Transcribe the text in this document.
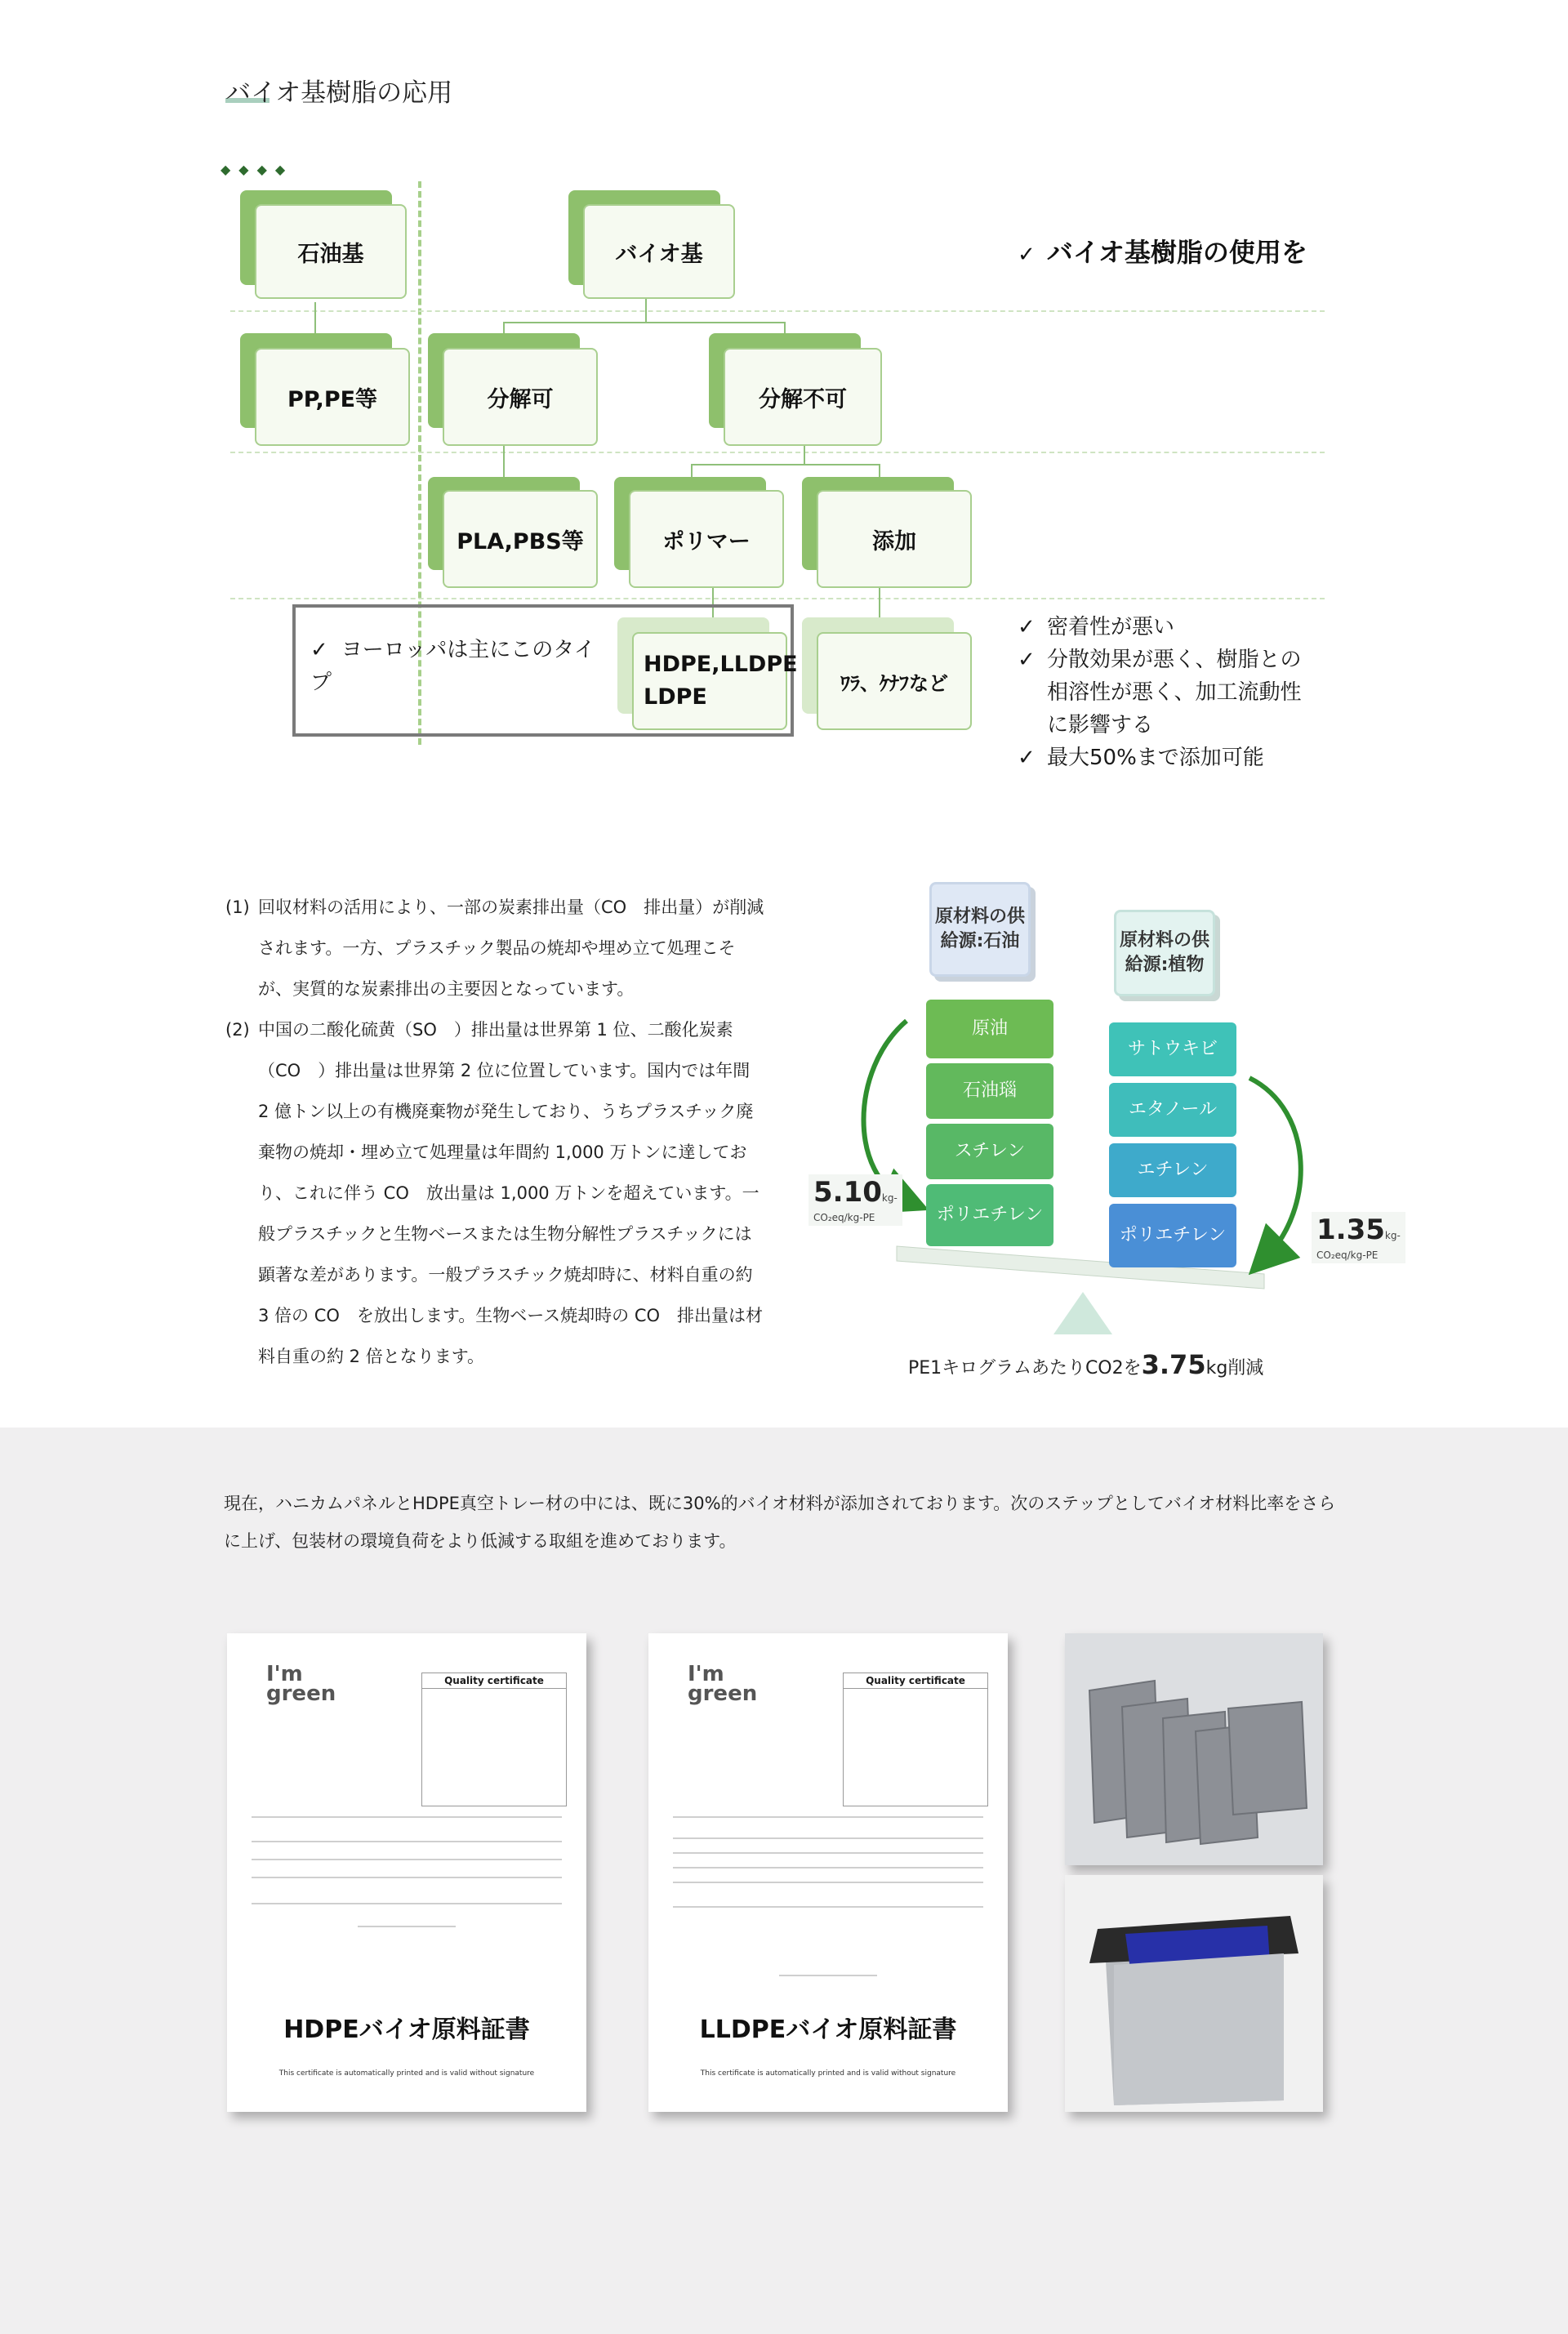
バイオ基樹脂の応用
◆◆◆◆
石油基	バイオ基
PP,PE等	分解可	分解不可
PLA,PBS等	ポリマー	添加
✓ ヨーロッパは主にこのタイプ
HDPE,LLDPE
LDPE
ﾜﾗ、ｹﾅﾌなど
✓ バイオ基樹脂の使用を
✓ 密着性が悪い
✓ 分散効果が悪く、樹脂との相溶性が悪く、加工流動性に影響する
✓ 最大50%まで添加可能
(1) 回収材料の活用により、一部の炭素排出量（CO　排出量）が削減されます。一方、プラスチック製品の焼却や埋め立て処理こそが、実質的な炭素排出の主要因となっています。
(2) 中国の二酸化硫黄（SO　）排出量は世界第 1 位、二酸化炭素（CO　）排出量は世界第 2 位に位置しています。国内では年間 2 億トン以上の有機廃棄物が発生しており、うちプラスチック廃棄物の焼却・埋め立て処理量は年間約 1,000 万トンに達しており、これに伴う CO　放出量は 1,000 万トンを超えています。一般プラスチックと生物ベースまたは生物分解性プラスチックには顕著な差があります。一般プラスチック焼却時に、材料自重の約 3 倍の CO　を放出します。生物ベース焼却時の CO　排出量は材料自重の約 2 倍となります。
原材料の供給源:石油	原材料の供給源:植物
原油
石油瑙
スチレン
ポリエチレン
サトウキビ
エタノール
エチレン
ポリエチレン
5.10kg-
CO₂eq/kg-PE	1.35kg-
CO₂eq/kg-PE
PE1キログラムあたりCO2を3.75kg削減
現在，ハニカムパネルとHDPE真空トレー材の中には、既に30%的バイオ材料が添加されております。次のステップとしてバイオ材料比率をさらに上げ、包装材の環境負荷をより低減する取組を進めております。
I'm
green
Quality certificate
HDPEバイオ原料証書
This certificate is automatically printed and is valid without signature
I'm
green
Quality certificate
LLDPEバイオ原料証書
This certificate is automatically printed and is valid without signature
